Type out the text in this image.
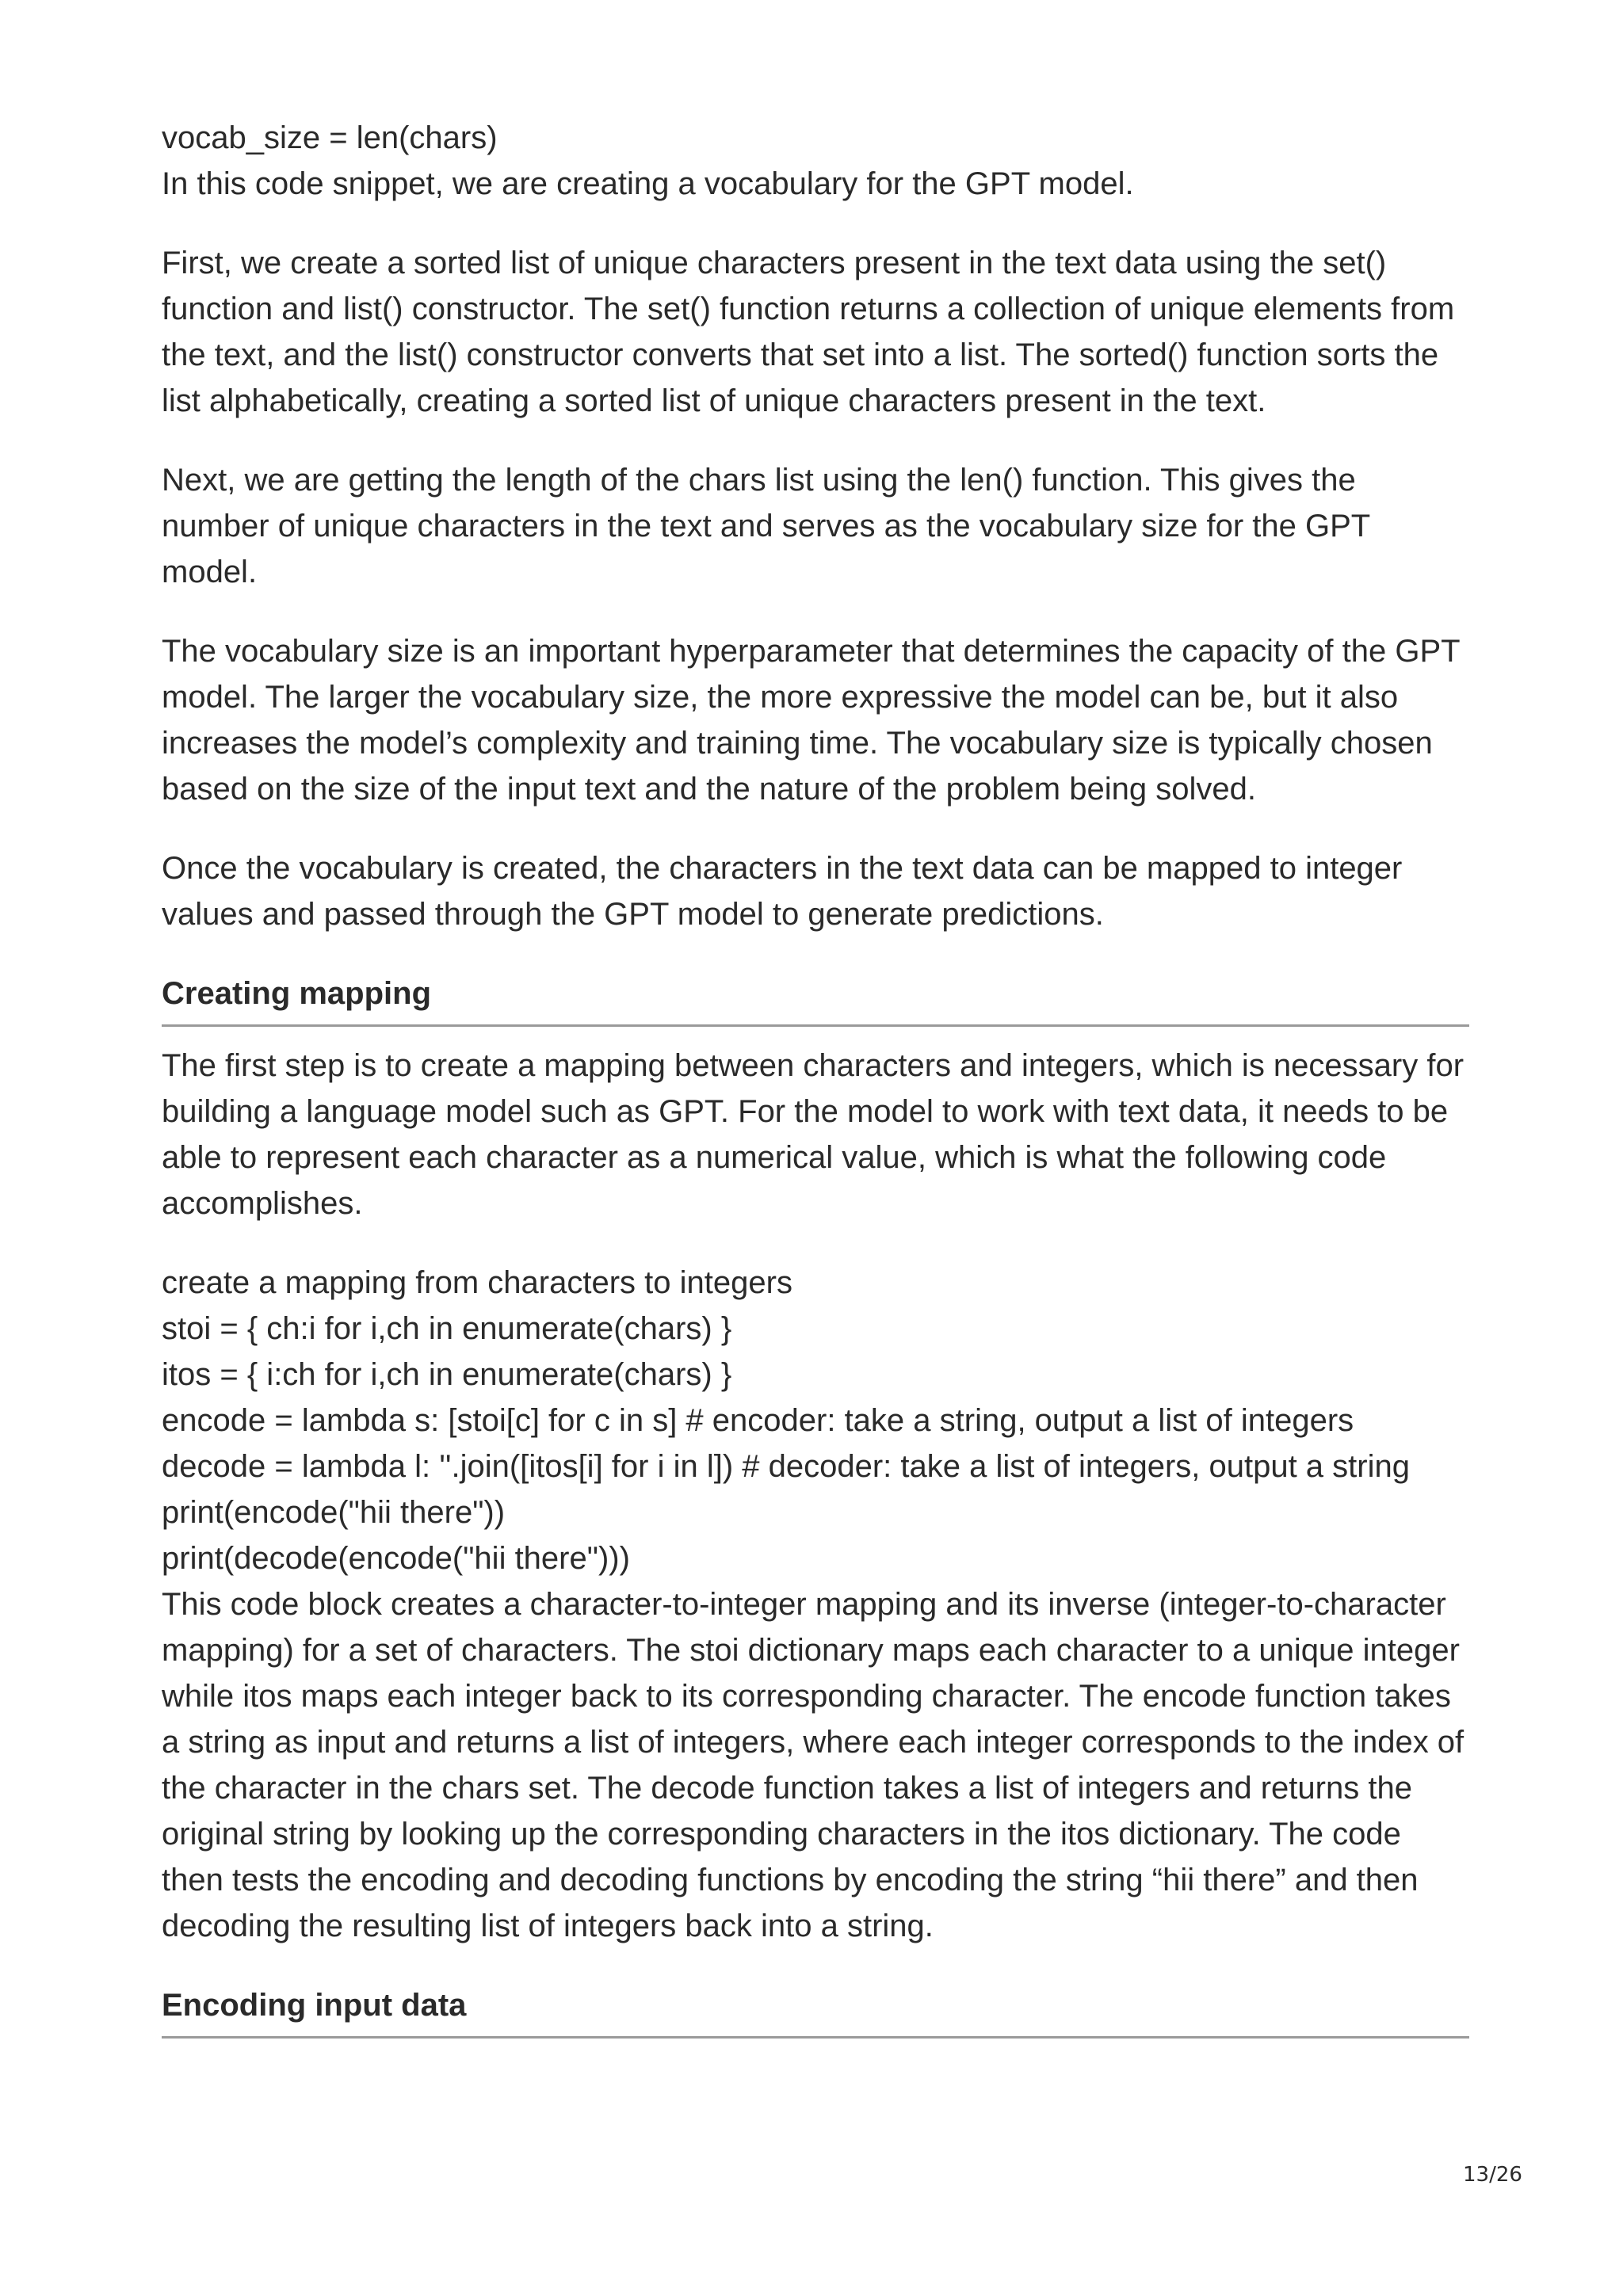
vocab_size = len(chars)

In this code snippet, we are creating a vocabulary for the GPT model.

First, we create a sorted list of unique characters present in the text data using the set() function and list() constructor. The set() function returns a collection of unique elements from the text, and the list() constructor converts that set into a list. The sorted() function sorts the list alphabetically, creating a sorted list of unique characters present in the text.

Next, we are getting the length of the chars list using the len() function. This gives the number of unique characters in the text and serves as the vocabulary size for the GPT model.

The vocabulary size is an important hyperparameter that determines the capacity of the GPT model. The larger the vocabulary size, the more expressive the model can be, but it also increases the model’s complexity and training time. The vocabulary size is typically chosen based on the size of the input text and the nature of the problem being solved.

Once the vocabulary is created, the characters in the text data can be mapped to integer values and passed through the GPT model to generate predictions.

Creating mapping

The first step is to create a mapping between characters and integers, which is necessary for building a language model such as GPT. For the model to work with text data, it needs to be able to represent each character as a numerical value, which is what the following code accomplishes.

create a mapping from characters to integers

stoi = { ch:i for i,ch in enumerate(chars) }

itos = { i:ch for i,ch in enumerate(chars) }

encode = lambda s: [stoi[c] for c in s] # encoder: take a string, output a list of integers

decode = lambda l: ''.join([itos[i] for i in l]) # decoder: take a list of integers, output a string

print(encode("hii there"))

print(decode(encode("hii there")))

This code block creates a character-to-integer mapping and its inverse (integer-to-character mapping) for a set of characters. The stoi dictionary maps each character to a unique integer while itos maps each integer back to its corresponding character. The encode function takes a string as input and returns a list of integers, where each integer corresponds to the index of the character in the chars set. The decode function takes a list of integers and returns the original string by looking up the corresponding characters in the itos dictionary. The code then tests the encoding and decoding functions by encoding the string “hii there” and then decoding the resulting list of integers back into a string.

Encoding input data
13/26
